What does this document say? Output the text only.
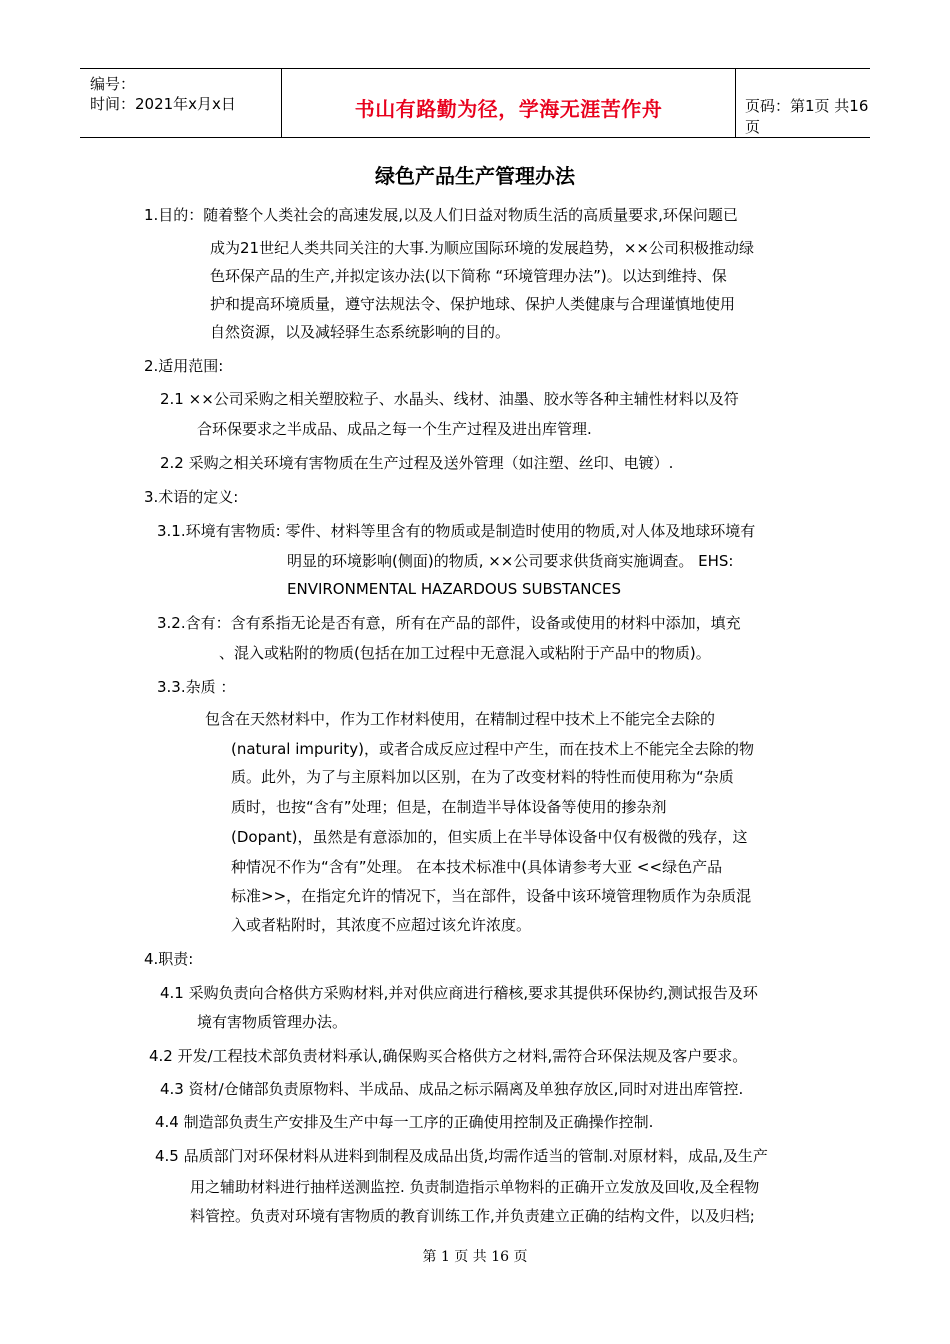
编号：
时间：2021年x月x日	书山有路勤为径，学海无涯苦作舟	页码：第1页 共16页
绿色产品生产管理办法
1.目的：随着整个人类社会的高速发展,以及人们日益对物质生活的高质量要求,环保问题已
成为21世纪人类共同关注的大事.为顺应国际环境的发展趋势，××公司积极推动绿
色环保产品的生产,并拟定该办法(以下简称 “环境管理办法”)。以达到维持、保
护和提高环境质量，遵守法规法令、保护地球、保护人类健康与合理谨慎地使用
自然资源，以及减轻驿生态系统影响的目的。
2.适用范围:
2.1 ××公司采购之相关塑胶粒子、水晶头、线材、油墨、胶水等各种主辅性材料以及符
合环保要求之半成品、成品之每一个生产过程及进出库管理.
2.2 采购之相关环境有害物质在生产过程及送外管理（如注塑、丝印、电镀）.
3.术语的定义:
3.1.环境有害物质: 零件、材料等里含有的物质或是制造时使用的物质,对人体及地球环境有
明显的环境影响(侧面)的物质, ××公司要求供货商实施调查。 EHS:
ENVIRONMENTAL HAZARDOUS SUBSTANCES
3.2.含有：含有系指无论是否有意，所有在产品的部件，设备或使用的材料中添加，填充
、混入或粘附的物质(包括在加工过程中无意混入或粘附于产品中的物质)。
3.3.杂质 ：
包含在天然材料中，作为工作材料使用，在精制过程中技术上不能完全去除的
(natural impurity)，或者合成反应过程中产生，而在技术上不能完全去除的物
质。此外，为了与主原料加以区别，在为了改变材料的特性而使用称为“杂质
质时，也按“含有”处理；但是，在制造半导体设备等使用的掺杂剂
(Dopant)，虽然是有意添加的，但实质上在半导体设备中仅有极微的残存，这
种情况不作为“含有”处理。 在本技术标准中(具体请参考大亚 <<绿色产品
标准>>，在指定允许的情况下，当在部件，设备中该环境管理物质作为杂质混
入或者粘附时，其浓度不应超过该允许浓度。
4.职责:
4.1 采购负责向合格供方采购材料,并对供应商进行稽核,要求其提供环保协约,测试报告及环
境有害物质管理办法。
4.2 开发/工程技术部负责材料承认,确保购买合格供方之材料,需符合环保法规及客户要求。
4.3 资材/仓储部负责原物料、半成品、成品之标示隔离及单独存放区,同时对进出库管控.
4.4 制造部负责生产安排及生产中每一工序的正确使用控制及正确操作控制.
4.5 品质部门对环保材料从进料到制程及成品出货,均需作适当的管制.对原材料，成品,及生产
用之辅助材料进行抽样送测监控. 负责制造指示单物料的正确开立发放及回收,及全程物
料管控。负责对环境有害物质的教育训练工作,并负责建立正确的结构文件，以及归档;
第 1 页 共 16 页
